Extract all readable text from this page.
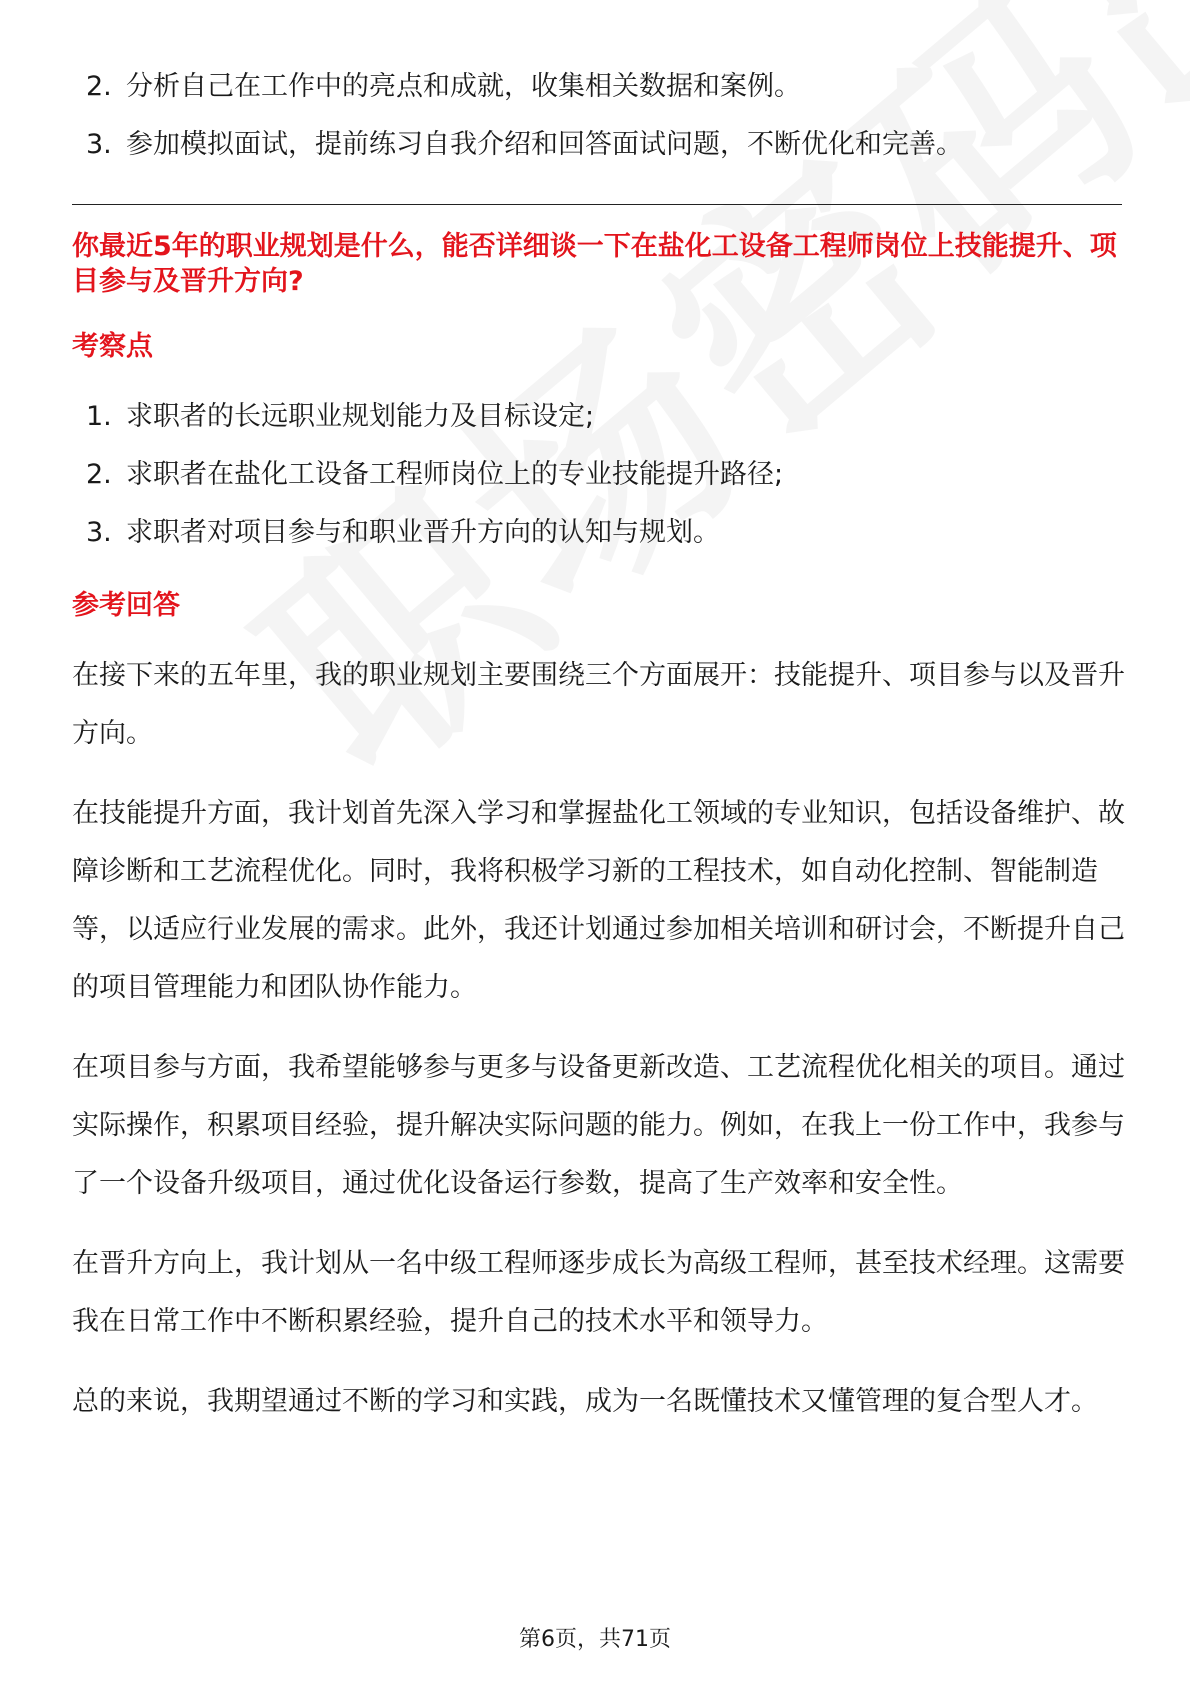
2. 分析自己在工作中的亮点和成就，收集相关数据和案例。
3. 参加模拟面试，提前练习自我介绍和回答面试问题，不断优化和完善。
你最近5年的职业规划是什么，能否详细谈一下在盐化工设备工程师岗位上技能提升、项目参与及晋升方向?
考察点
1. 求职者的长远职业规划能力及目标设定;
2. 求职者在盐化工设备工程师岗位上的专业技能提升路径;
3. 求职者对项目参与和职业晋升方向的认知与规划。
参考回答

在接下来的五年里，我的职业规划主要围绕三个方面展开：技能提升、项目参与以及晋升方向。

在技能提升方面，我计划首先深入学习和掌握盐化工领域的专业知识，包括设备维护、故障诊断和工艺流程优化。同时，我将积极学习新的工程技术，如自动化控制、智能制造等，以适应行业发展的需求。此外，我还计划通过参加相关培训和研讨会，不断提升自己的项目管理能力和团队协作能力。

在项目参与方面，我希望能够参与更多与设备更新改造、工艺流程优化相关的项目。通过实际操作，积累项目经验，提升解决实际问题的能力。例如，在我上一份工作中，我参与了一个设备升级项目，通过优化设备运行参数，提高了生产效率和安全性。

在晋升方向上，我计划从一名中级工程师逐步成长为高级工程师，甚至技术经理。这需要我在日常工作中不断积累经验，提升自己的技术水平和领导力。

总的来说，我期望通过不断的学习和实践，成为一名既懂技术又懂管理的复合型人才。

第6页，共71页
